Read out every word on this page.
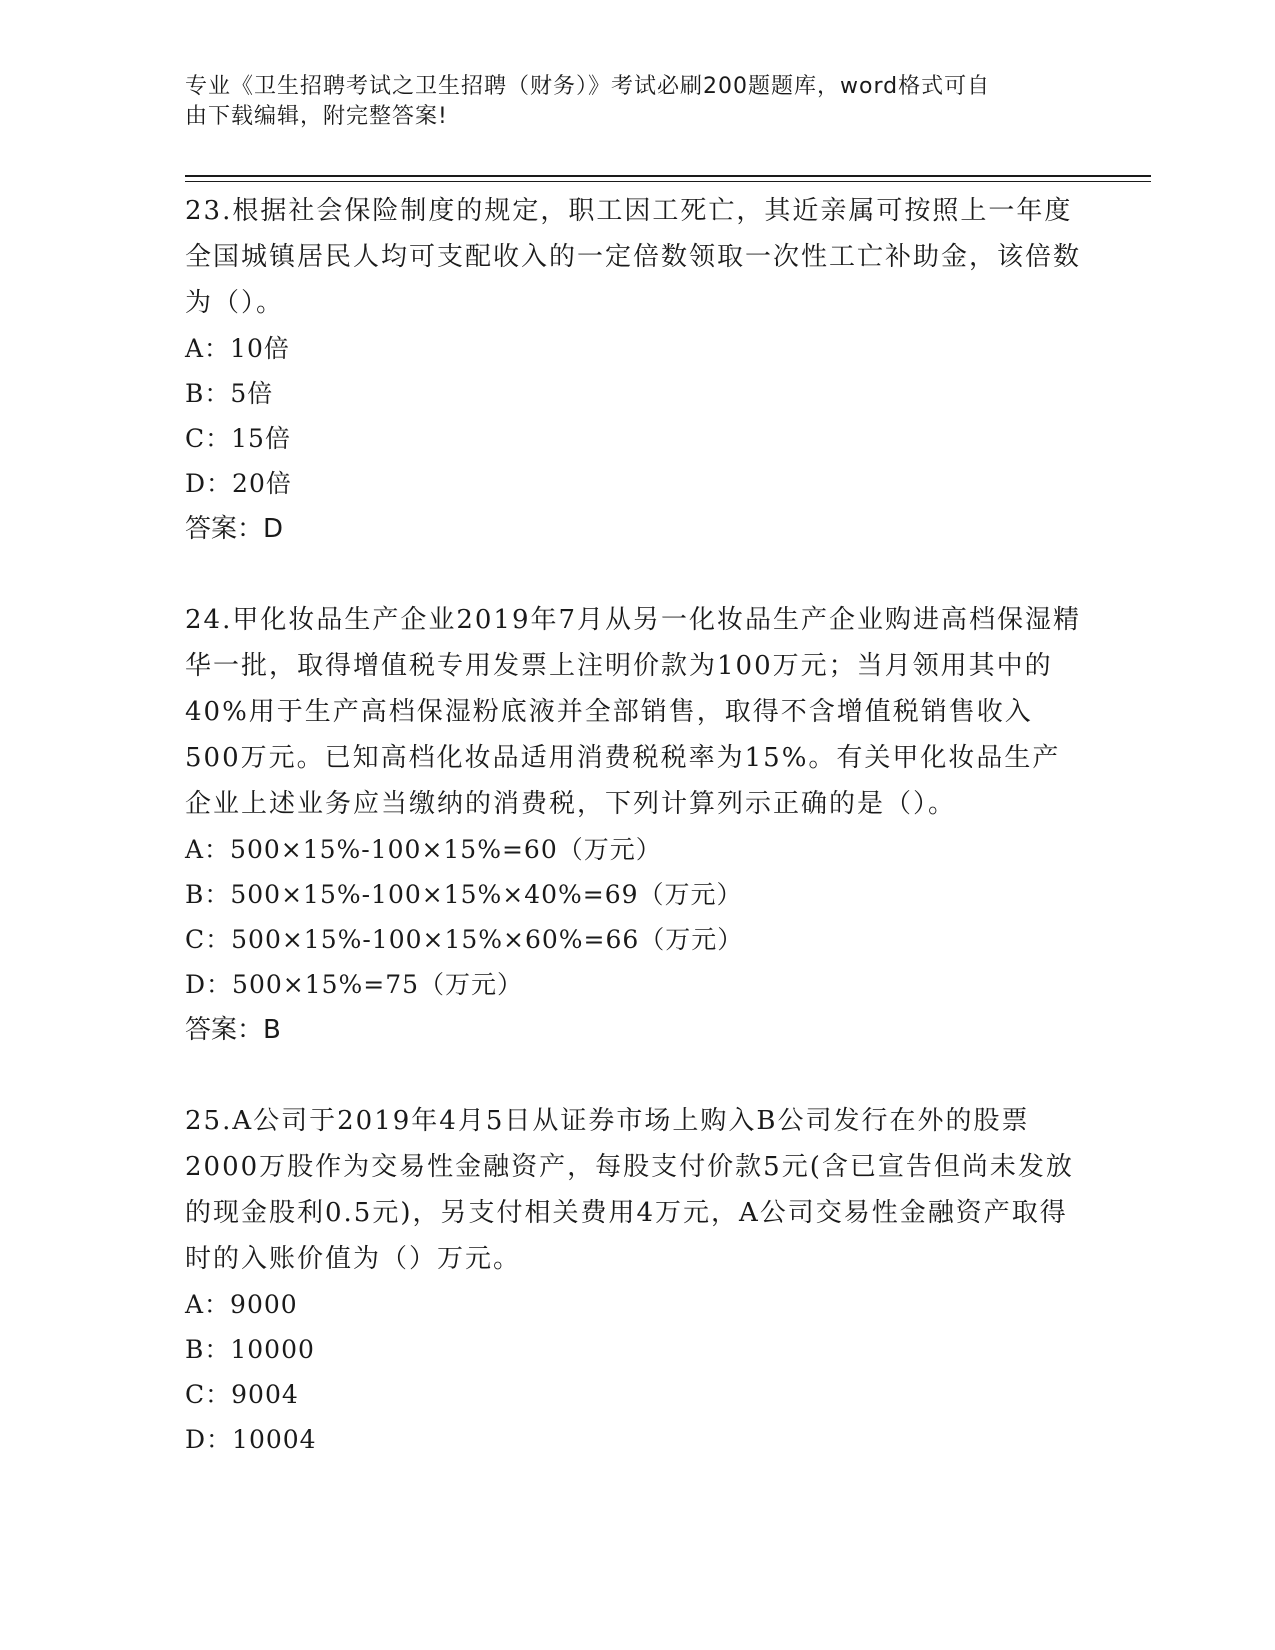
专业《卫生招聘考试之卫生招聘（财务）》考试必刷200题题库，word格式可自
由下载编辑，附完整答案!

23.根据社会保险制度的规定，职工因工死亡，其近亲属可按照上一年度全国城镇居民人均可支配收入的一定倍数领取一次性工亡补助金，该倍数为（）。

A：10倍

B：5倍

C：15倍

D：20倍

答案：D

24.甲化妆品生产企业2019年7月从另一化妆品生产企业购进高档保湿精华一批，取得增值税专用发票上注明价款为100万元；当月领用其中的40%用于生产高档保湿粉底液并全部销售，取得不含增值税销售收入500万元。已知高档化妆品适用消费税税率为15%。有关甲化妆品生产企业上述业务应当缴纳的消费税，下列计算列示正确的是（）。

A：500×15%-100×15%=60（万元）

B：500×15%-100×15%×40%=69（万元）

C：500×15%-100×15%×60%=66（万元）

D：500×15%=75（万元）

答案：B

25.A公司于2019年4月5日从证券市场上购入B公司发行在外的股票2000万股作为交易性金融资产，每股支付价款5元(含已宣告但尚未发放的现金股利0.5元)，另支付相关费用4万元，A公司交易性金融资产取得时的入账价值为（）万元。

A：9000

B：10000

C：9004

D：10004
